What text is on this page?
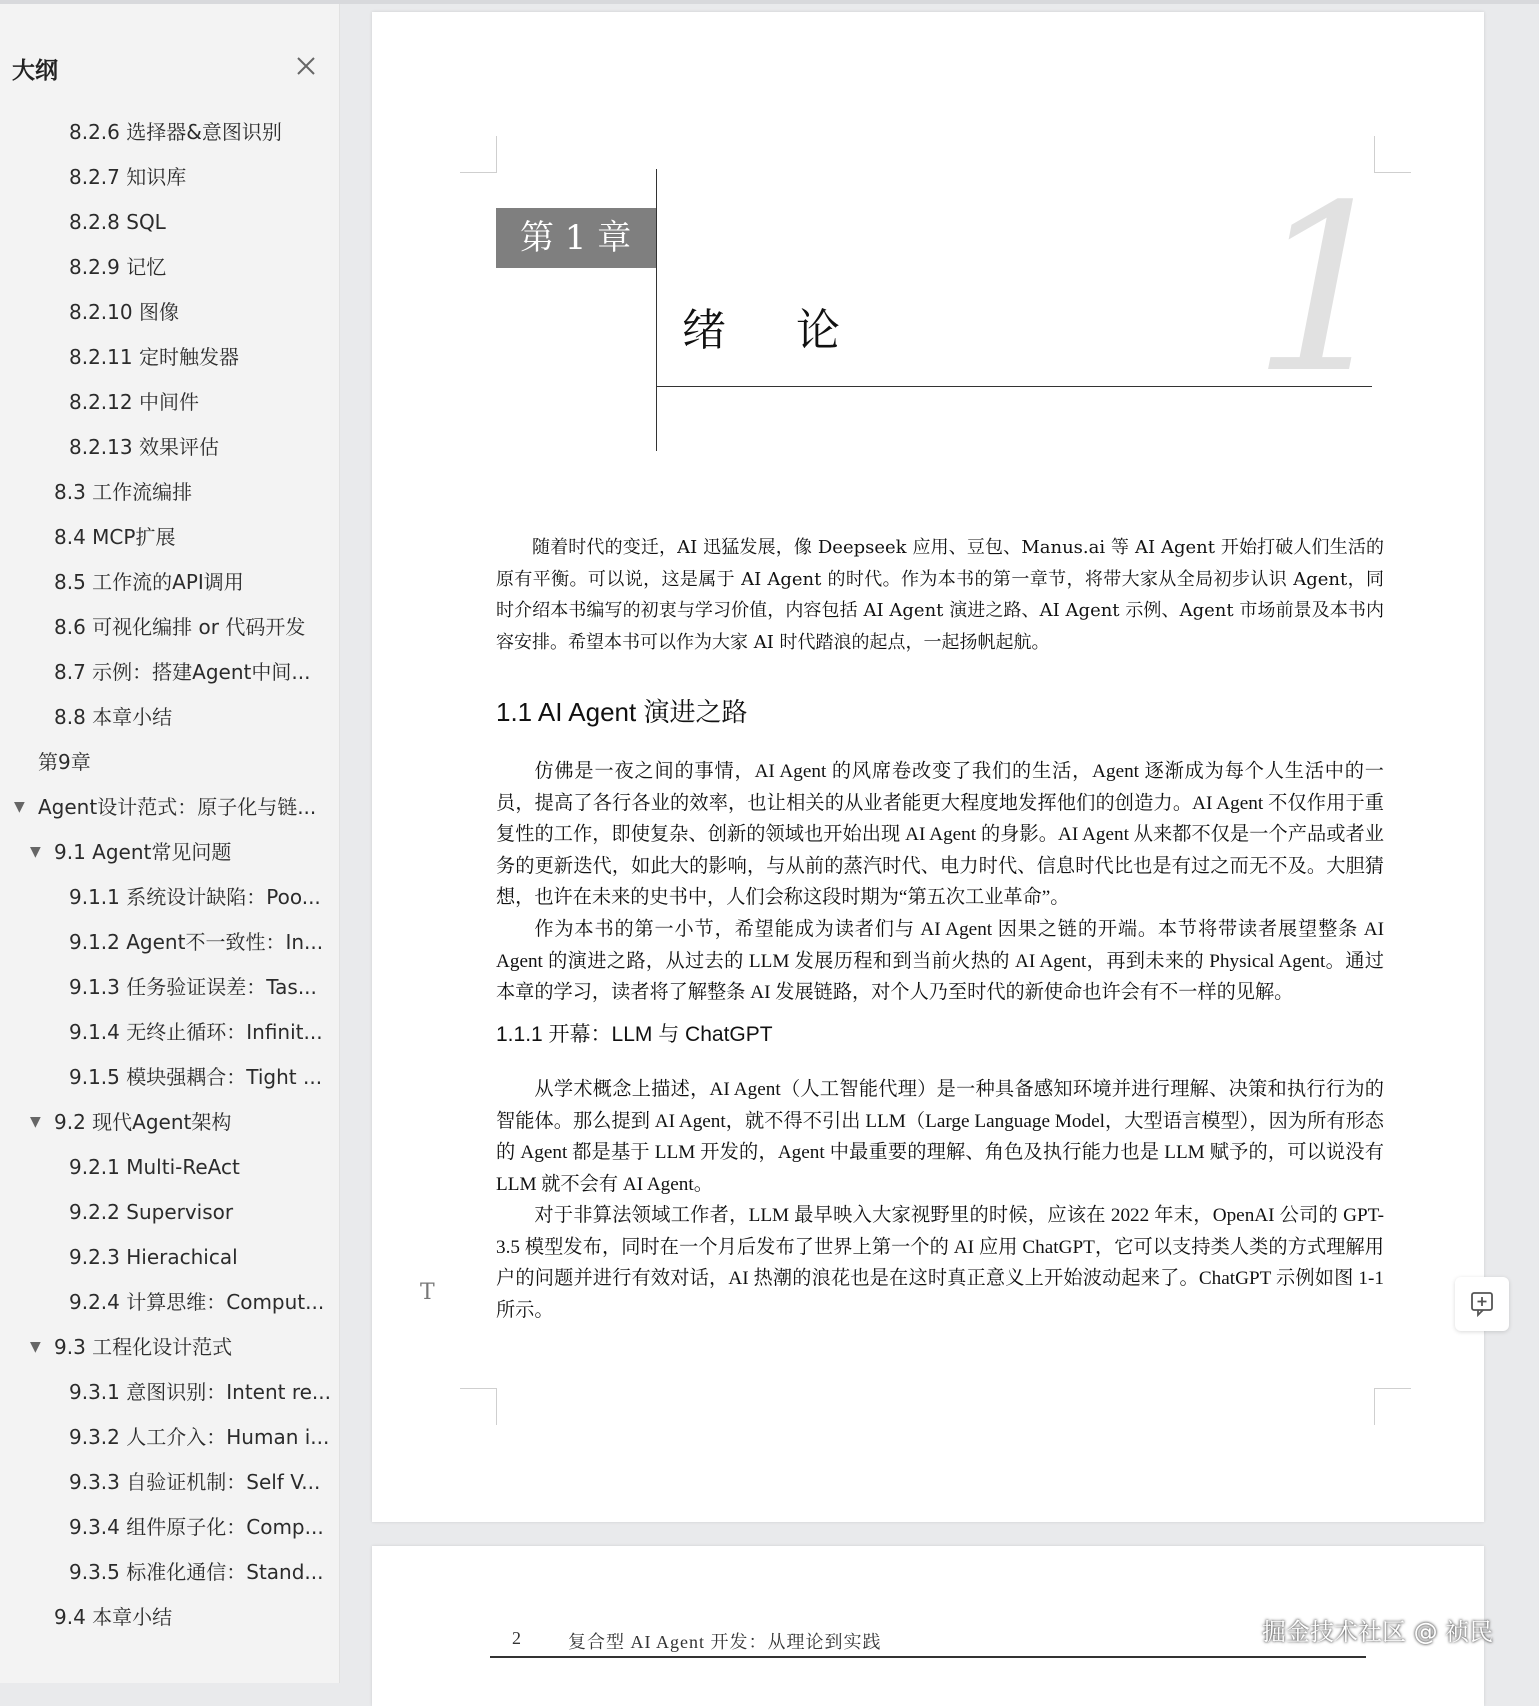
大纲
8.2.6 选择器&意图识别
8.2.7 知识库
8.2.8 SQL
8.2.9 记忆
8.2.10 图像
8.2.11 定时触发器
8.2.12 中间件
8.2.13 效果评估
8.3 工作流编排
8.4 MCP扩展
8.5 工作流的API调用
8.6 可视化编排 or 代码开发
8.7 示例：搭建Agent中间...
8.8 本章小结
第9章
▼ Agent设计范式：原子化与链...
▼ 9.1 Agent常见问题
9.1.1 系统设计缺陷：Poo...
9.1.2 Agent不一致性：In...
9.1.3 任务验证误差：Tas...
9.1.4 无终止循环：Infinit...
9.1.5 模块强耦合：Tight ...
▼ 9.2 现代Agent架构
9.2.1 Multi-ReAct
9.2.2 Supervisor
9.2.3 Hierachical
9.2.4 计算思维：Comput...
▼ 9.3 工程化设计范式
9.3.1 意图识别：Intent re...
9.3.2 人工介入：Human i...
9.3.3 自验证机制：Self V...
9.3.4 组件原子化：Comp...
9.3.5 标准化通信：Stand...
9.4 本章小结
第 1 章
绪论 1

随着时代的变迁，AI 迅猛发展，像 Deepseek 应用、豆包、Manus.ai 等 AI Agent 开始打破人们生活的原有平衡。可以说，这是属于 AI Agent 的时代。作为本书的第一章节，将带大家从全局初步认识 Agent，同时介绍本书编写的初衷与学习价值，内容包括 AI Agent 演进之路、AI Agent 示例、Agent 市场前景及本书内容安排。希望本书可以作为大家 AI 时代踏浪的起点，一起扬帆起航。

1.1 AI Agent 演进之路

仿佛是一夜之间的事情，AI Agent 的风席卷改变了我们的生活，Agent 逐渐成为每个人生活中的一员，提高了各行各业的效率，也让相关的从业者能更大程度地发挥他们的创造力。AI Agent 不仅作用于重复性的工作，即使复杂、创新的领域也开始出现 AI Agent 的身影。AI Agent 从来都不仅是一个产品或者业务的更新迭代，如此大的影响，与从前的蒸汽时代、电力时代、信息时代比也是有过之而无不及。大胆猜想，也许在未来的史书中，人们会称这段时期为“第五次工业革命”。

作为本书的第一小节，希望能成为读者们与 AI Agent 因果之链的开端。本节将带读者展望整条 AI Agent 的演进之路，从过去的 LLM 发展历程和到当前火热的 AI Agent，再到未来的 Physical Agent。通过本章的学习，读者将了解整条 AI 发展链路，对个人乃至时代的新使命也许会有不一样的见解。

1.1.1 开幕：LLM 与 ChatGPT

从学术概念上描述，AI Agent（人工智能代理）是一种具备感知环境并进行理解、决策和执行行为的智能体。那么提到 AI Agent，就不得不引出 LLM（Large Language Model，大型语言模型），因为所有形态的 Agent 都是基于 LLM 开发的，Agent 中最重要的理解、角色及执行能力也是 LLM 赋予的，可以说没有 LLM 就不会有 AI Agent。

对于非算法领域工作者，LLM 最早映入大家视野里的时候，应该在 2022 年末，OpenAI 公司的 GPT-3.5 模型发布，同时在一个月后发布了世界上第一个的 AI 应用 ChatGPT，它可以支持类人类的方式理解用户的问题并进行有效对话，AI 热潮的浪花也是在这时真正意义上开始波动起来了。ChatGPT 示例如图 1-1 所示。

T
2	复合型 AI Agent 开发：从理论到实践	掘金技术社区 @ 祯民
